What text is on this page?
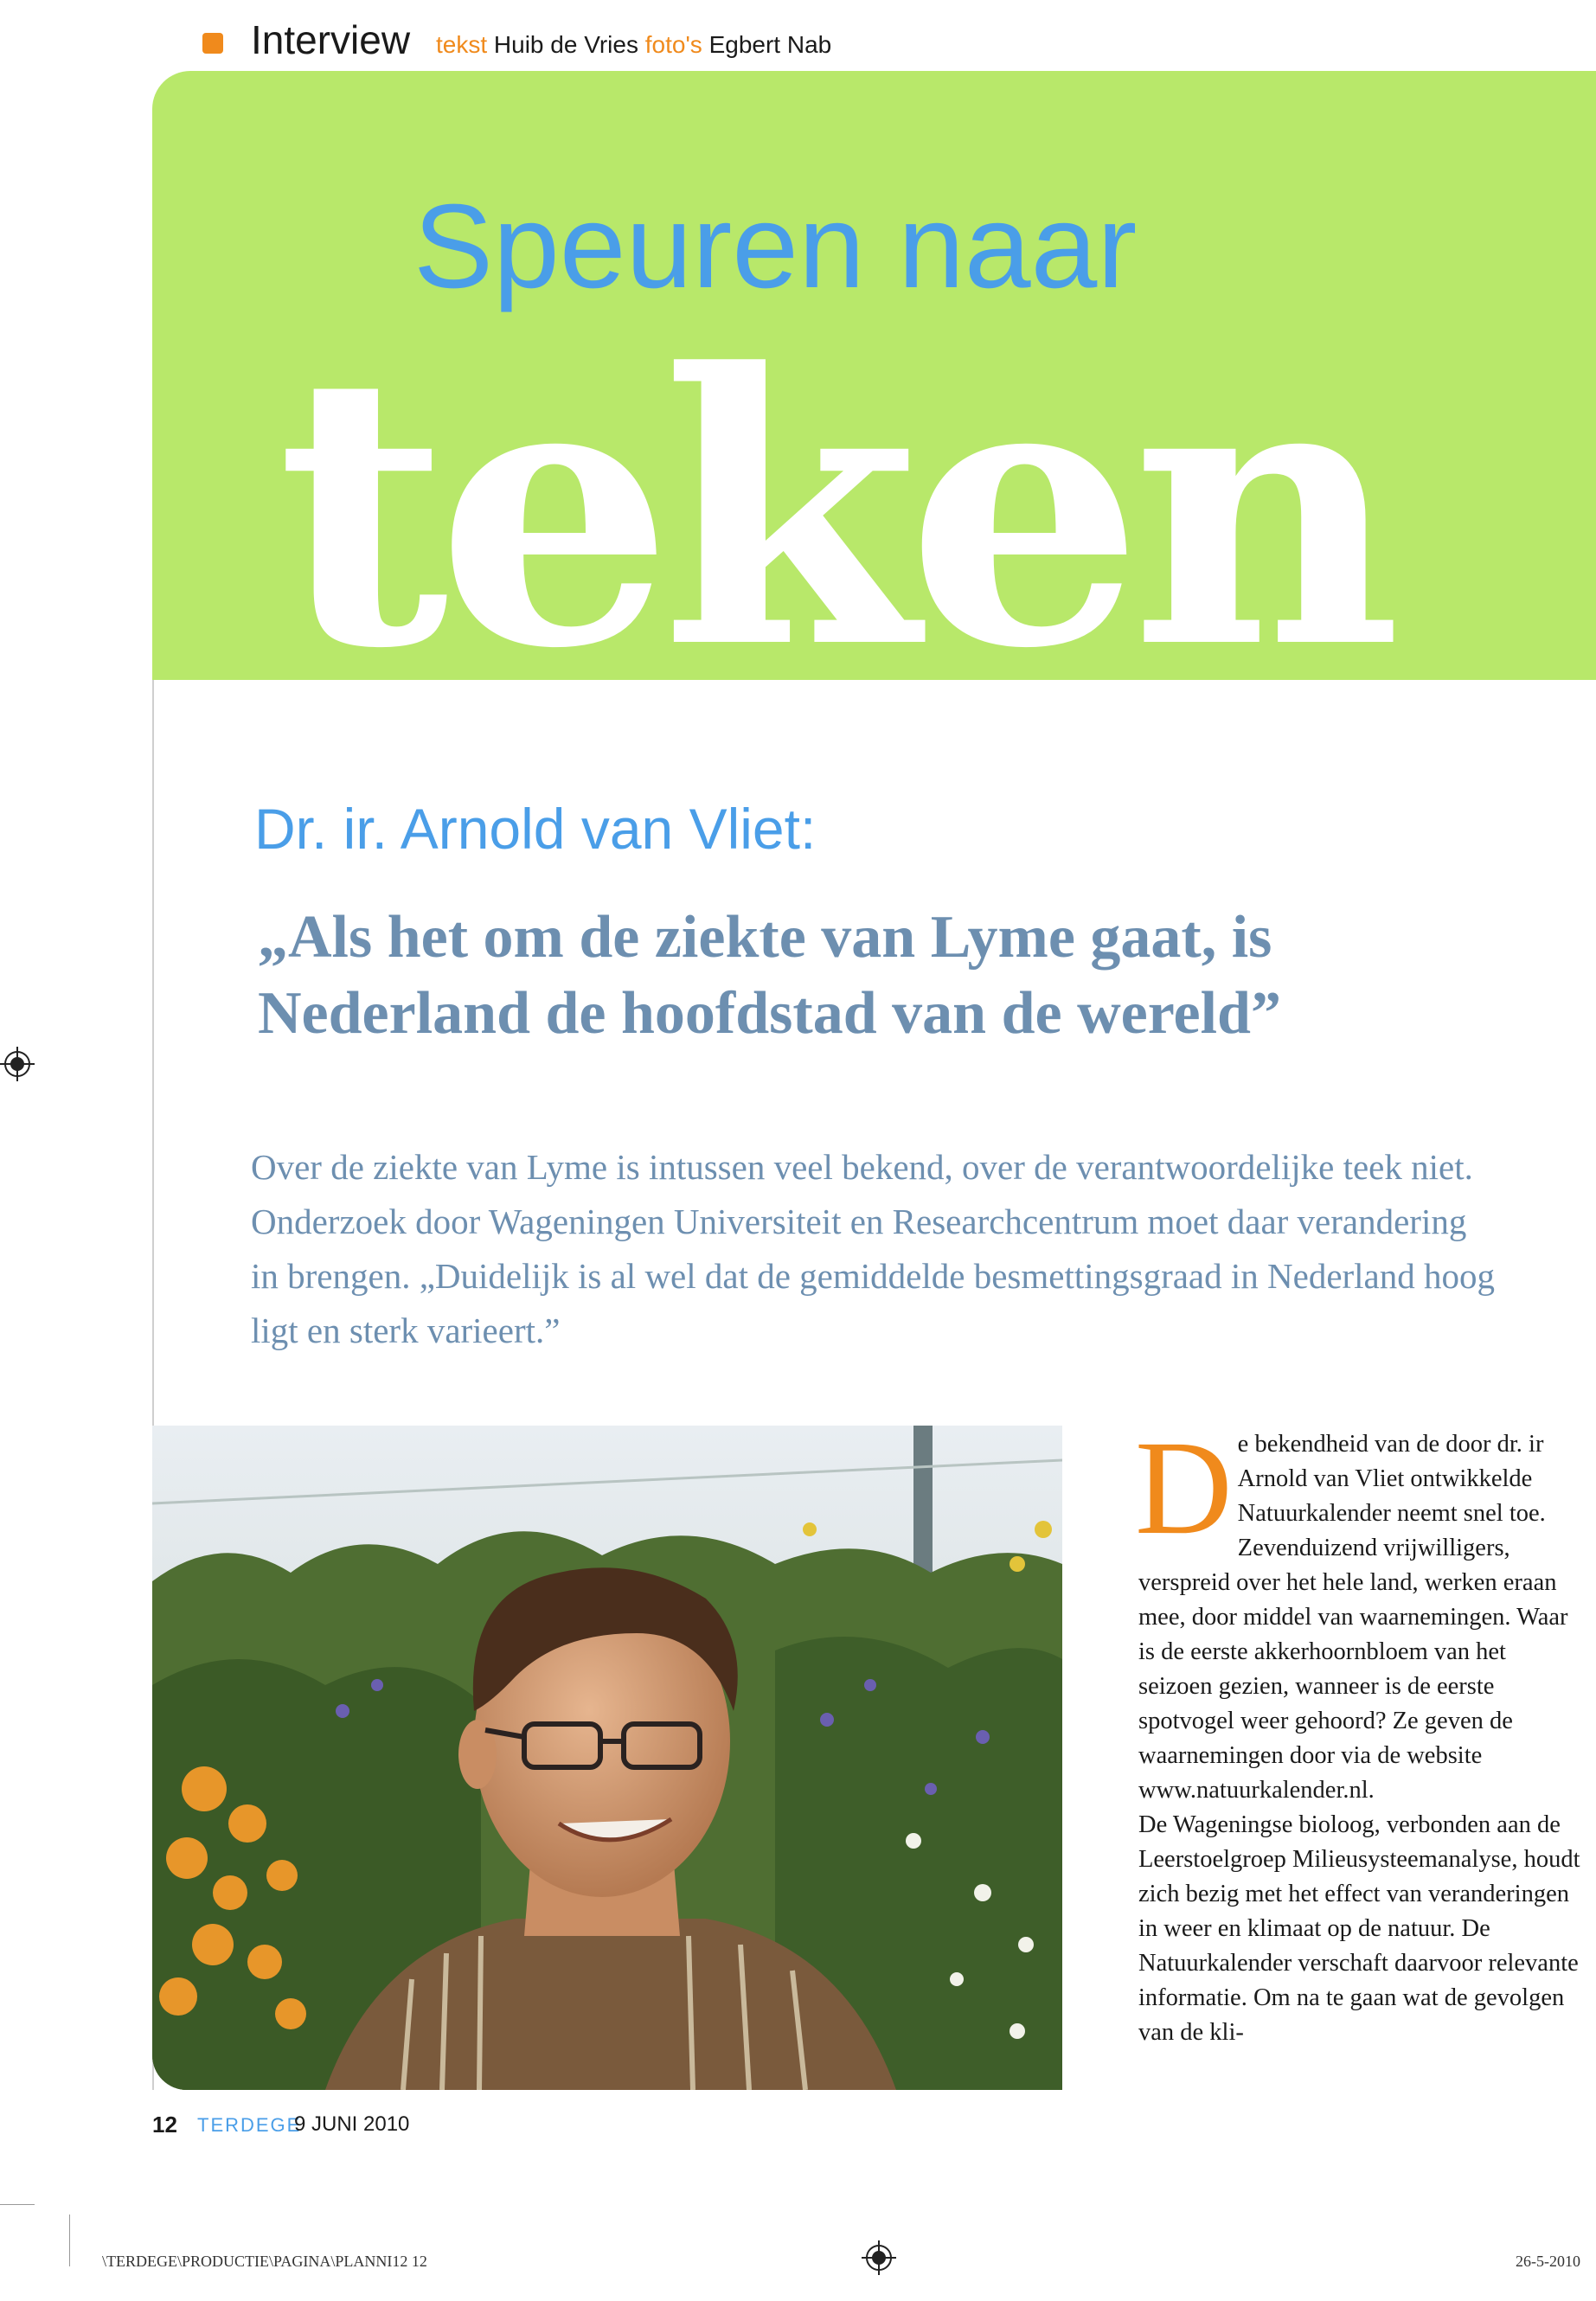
Interview tekst Huib de Vries foto's Egbert Nab
Speuren naar
teken
Dr. ir. Arnold van Vliet:
„Als het om de ziekte van Lyme gaat, is
Nederland de hoofdstad van de wereld”
Over de ziekte van Lyme is intussen veel bekend, over de verantwoordelijke teek niet. Onderzoek door Wageningen Universiteit en Researchcentrum moet daar verandering in brengen. „Duidelijk is al wel dat de gemiddelde besmettingsgraad in Nederland hoog ligt en sterk varieert.”
D e bekendheid van de door dr. ir Arnold van Vliet ontwikkelde Natuurkalender neemt snel toe. Zevenduizend vrijwilligers, verspreid over het hele land, werken eraan mee, door middel van waarnemingen. Waar is de eerste akkerhoornbloem van het seizoen gezien, wanneer is de eerste spotvogel weer gehoord? Ze geven de waarnemingen door via de website www.natuurkalender.nl.

De Wageningse bioloog, verbonden aan de Leerstoelgroep Milieusysteemanalyse, houdt zich bezig met het effect van veranderingen in weer en klimaat op de natuur. De Natuurkalender verschaft daarvoor relevante informatie. Om na te gaan wat de gevolgen van de kli-

12 TERDEGE
9 JUNI 2010
\TERDEGE\PRODUCTIE\PAGINA\PLANNI12 12	26-5-2010
